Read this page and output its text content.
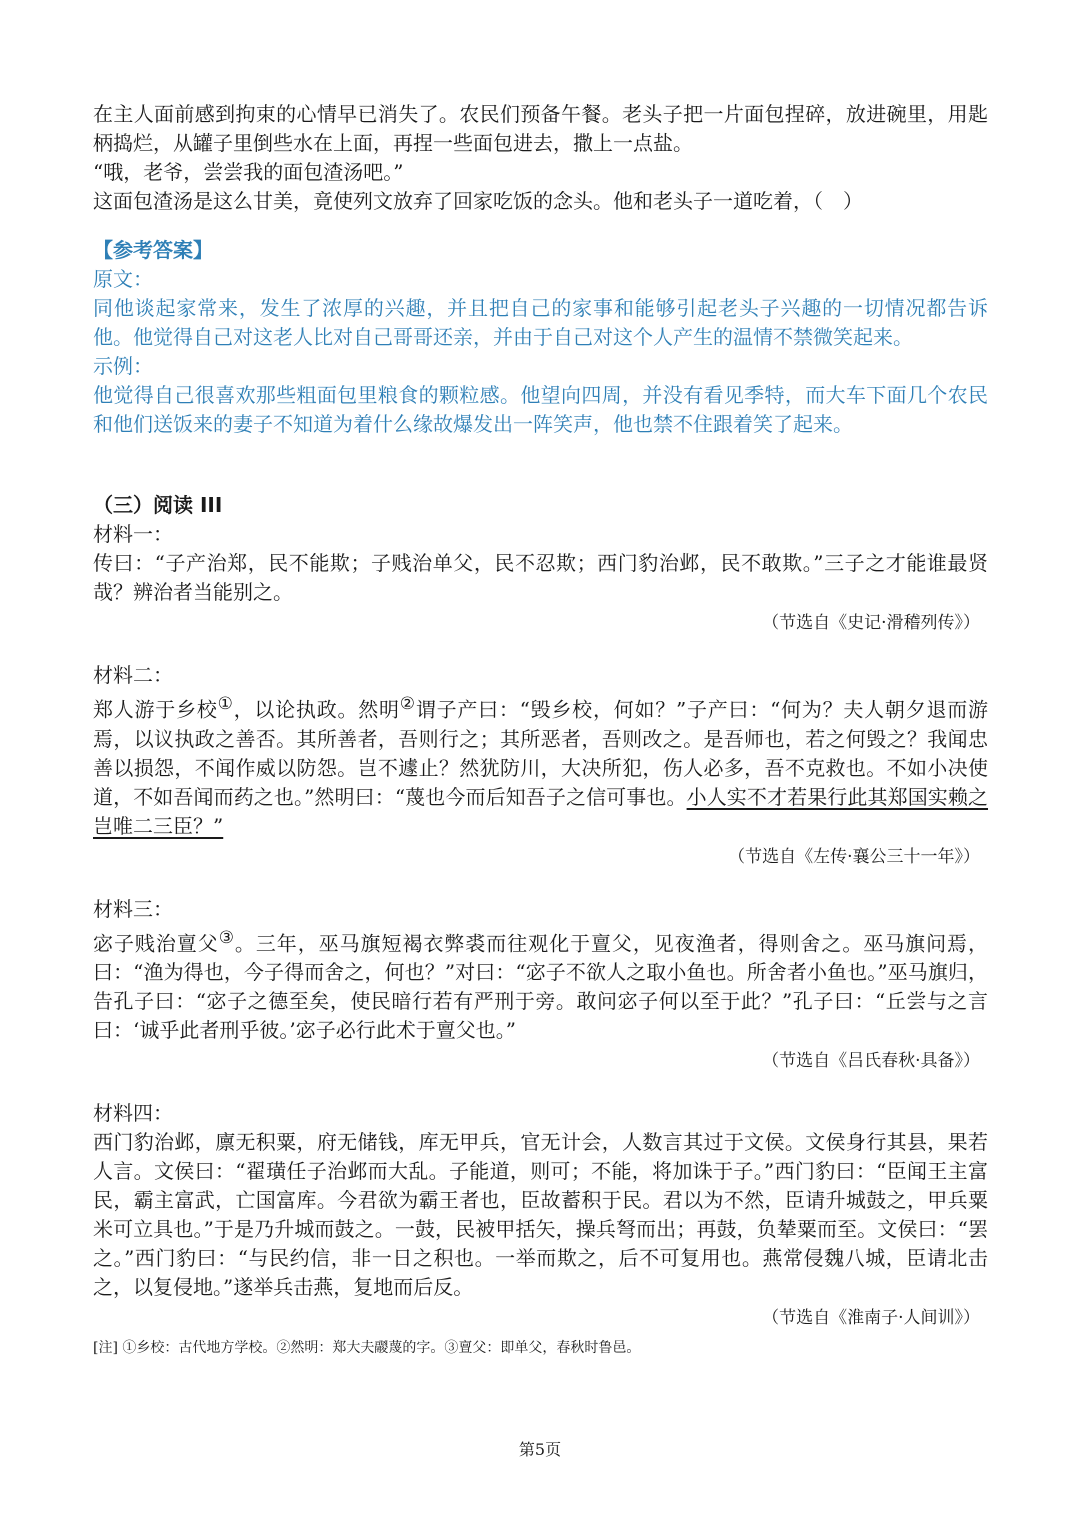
在主人面前感到拘束的心情早已消失了。农民们预备午餐。老头子把一片面包捏碎，放进碗里，用匙柄捣烂，从罐子里倒些水在上面，再捏一些面包进去，撒上一点盐。

“哦，老爷，尝尝我的面包渣汤吧。”

这面包渣汤是这么甘美，竟使列文放弃了回家吃饭的念头。他和老头子一道吃着，（　）

【参考答案】

原文：

同他谈起家常来，发生了浓厚的兴趣，并且把自己的家事和能够引起老头子兴趣的一切情况都告诉他。他觉得自己对这老人比对自己哥哥还亲，并由于自己对这个人产生的温情不禁微笑起来。

示例：

他觉得自己很喜欢那些粗面包里粮食的颗粒感。他望向四周，并没有看见季特，而大车下面几个农民和他们送饭来的妻子不知道为着什么缘故爆发出一阵笑声，他也禁不住跟着笑了起来。

（三）阅读 III

材料一：

传曰：“子产治郑，民不能欺；子贱治单父，民不忍欺；西门豹治邺，民不敢欺。”三子之才能谁最贤哉？辨治者当能别之。

（节选自《史记·滑稽列传》）

材料二：

郑人游于乡校①，以论执政。然明②谓子产曰：“毁乡校，何如？”子产曰：“何为？夫人朝夕退而游焉，以议执政之善否。其所善者，吾则行之；其所恶者，吾则改之。是吾师也，若之何毁之？我闻忠善以损怨，不闻作威以防怨。岂不遽止？然犹防川，大决所犯，伤人必多，吾不克救也。不如小决使道，不如吾闻而药之也。”然明曰：“蔑也今而后知吾子之信可事也。小人实不才若果行此其郑国实赖之岂唯二三臣？”

（节选自《左传·襄公三十一年》）

材料三：

宓子贱治亶父③。三年，巫马旗短褐衣弊裘而往观化于亶父，见夜渔者，得则舍之。巫马旗问焉，曰：“渔为得也，今子得而舍之，何也？”对曰：“宓子不欲人之取小鱼也。所舍者小鱼也。”巫马旗归，告孔子曰：“宓子之德至矣，使民暗行若有严刑于旁。敢问宓子何以至于此？”孔子曰：“丘尝与之言曰：‘诚乎此者刑乎彼。’宓子必行此术于亶父也。”

（节选自《吕氏春秋·具备》）

材料四：

西门豹治邺，廪无积粟，府无储钱，库无甲兵，官无计会，人数言其过于文侯。文侯身行其县，果若人言。文侯曰：“翟璜任子治邺而大乱。子能道，则可；不能，将加诛于子。”西门豹曰：“臣闻王主富民，霸主富武，亡国富库。今君欲为霸王者也，臣故蓄积于民。君以为不然，臣请升城鼓之，甲兵粟米可立具也。”于是乃升城而鼓之。一鼓，民被甲括矢，操兵弩而出；再鼓，负辇粟而至。文侯曰：“罢之。”西门豹曰：“与民约信，非一日之积也。一举而欺之，后不可复用也。燕常侵魏八城，臣请北击之，以复侵地。”遂举兵击燕，复地而后反。

（节选自《淮南子·人间训》）

[注] ①乡校：古代地方学校。②然明：郑大夫鬷蔑的字。③亶父：即单父，春秋时鲁邑。

第5页
